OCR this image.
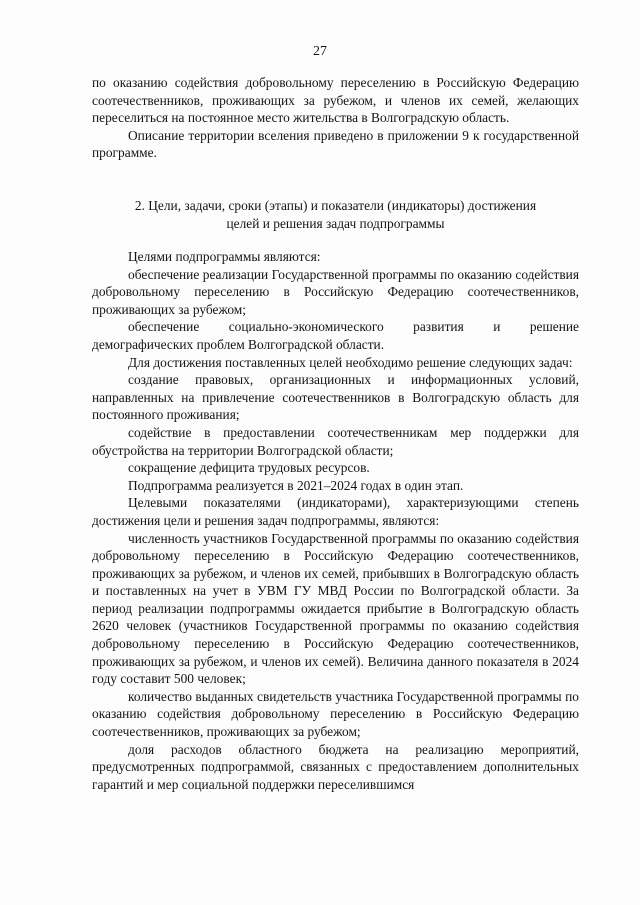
27

по оказанию содействия добровольному переселению в Российскую Федерацию соотечественников, проживающих за рубежом, и членов их семей, желающих переселиться на постоянное место жительства в Волгоградскую область.

Описание территории вселения приведено в приложении 9 к государственной программе.

2. Цели, задачи, сроки (этапы) и показатели (индикаторы) достижения
целей и решения задач подпрограммы

Целями подпрограммы являются:

обеспечение реализации Государственной программы по оказанию содействия добровольному переселению в Российскую Федерацию соотечественников, проживающих за рубежом;

обеспечение социально-экономического развития и решение демографических проблем Волгоградской области.

Для достижения поставленных целей необходимо решение следующих задач:

создание правовых, организационных и информационных условий, направленных на привлечение соотечественников в Волгоградскую область для постоянного проживания;

содействие в предоставлении соотечественникам мер поддержки для обустройства на территории Волгоградской области;

сокращение дефицита трудовых ресурсов.

Подпрограмма реализуется в 2021–2024 годах в один этап.

Целевыми показателями (индикаторами), характеризующими степень достижения цели и решения задач подпрограммы, являются:

численность участников Государственной программы по оказанию содействия добровольному переселению в Российскую Федерацию соотечественников, проживающих за рубежом, и членов их семей, прибывших в Волгоградскую область и поставленных на учет в УВМ ГУ МВД России по Волгоградской области. За период реализации подпрограммы ожидается прибытие в Волгоградскую область 2620 человек (участников Государственной программы по оказанию содействия добровольному переселению в Российскую Федерацию соотечественников, проживающих за рубежом, и членов их семей). Величина данного показателя в 2024 году составит 500 человек;

количество выданных свидетельств участника Государственной программы по оказанию содействия добровольному переселению в Российскую Федерацию соотечественников, проживающих за рубежом;

доля расходов областного бюджета на реализацию мероприятий, предусмотренных подпрограммой, связанных с предоставлением дополнительных гарантий и мер социальной поддержки переселившимся
